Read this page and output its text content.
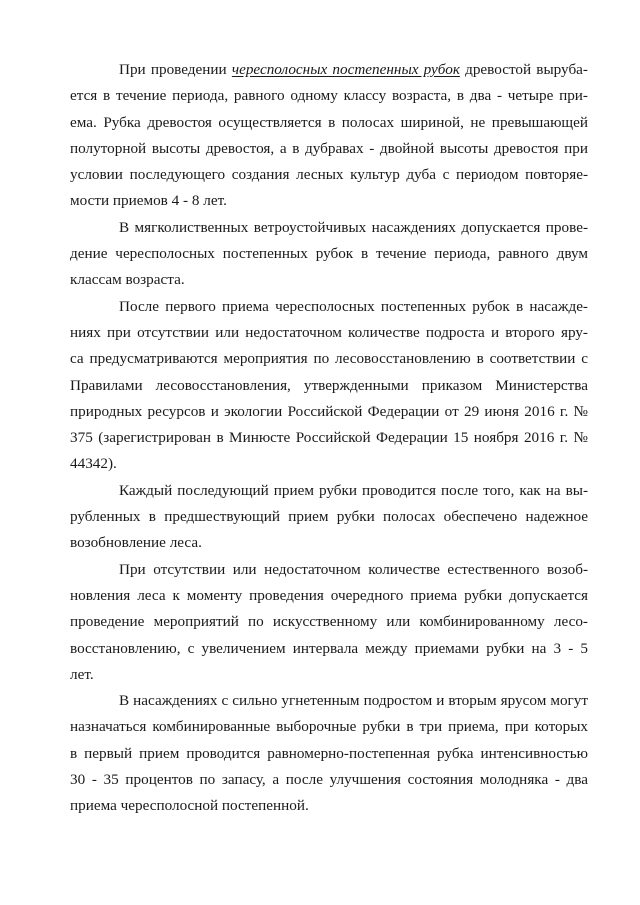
При проведении чересполосных постепенных рубок древостой выруба-
ется в течение периода, равного одному классу возраста, в два - четыре при-
ема. Рубка древостоя осуществляется в полосах шириной, не превышающей
полуторной высоты древостоя, а в дубравах - двойной высоты древостоя при
условии последующего создания лесных культур дуба с периодом повторяе-
мости приемов 4 - 8 лет.

В мягколиственных ветроустойчивых насаждениях допускается прове-
дение чересполосных постепенных рубок в течение периода, равного двум
классам возраста.

После первого приема чересполосных постепенных рубок в насажде-
ниях при отсутствии или недостаточном количестве подроста и второго яру-
са предусматриваются мероприятия по лесовосстановлению в соответствии с
Правилами лесовосстановления, утвержденными приказом Министерства
природных ресурсов и экологии Российской Федерации от 29 июня 2016 г. №
375 (зарегистрирован в Минюсте Российской Федерации 15 ноября 2016 г. №
44342).

Каждый последующий прием рубки проводится после того, как на вы-
рубленных в предшествующий прием рубки полосах обеспечено надежное
возобновление леса.

При отсутствии или недостаточном количестве естественного возоб-
новления леса к моменту проведения очередного приема рубки допускается
проведение мероприятий по искусственному или комбинированному лесо-
восстановлению, с увеличением интервала между приемами рубки на 3 - 5
лет.

В насаждениях с сильно угнетенным подростом и вторым ярусом могут
назначаться комбинированные выборочные рубки в три приема, при которых
в первый прием проводится равномерно-постепенная рубка интенсивностью
30 - 35 процентов по запасу, а после улучшения состояния молодняка - два
приема чересполосной постепенной.
